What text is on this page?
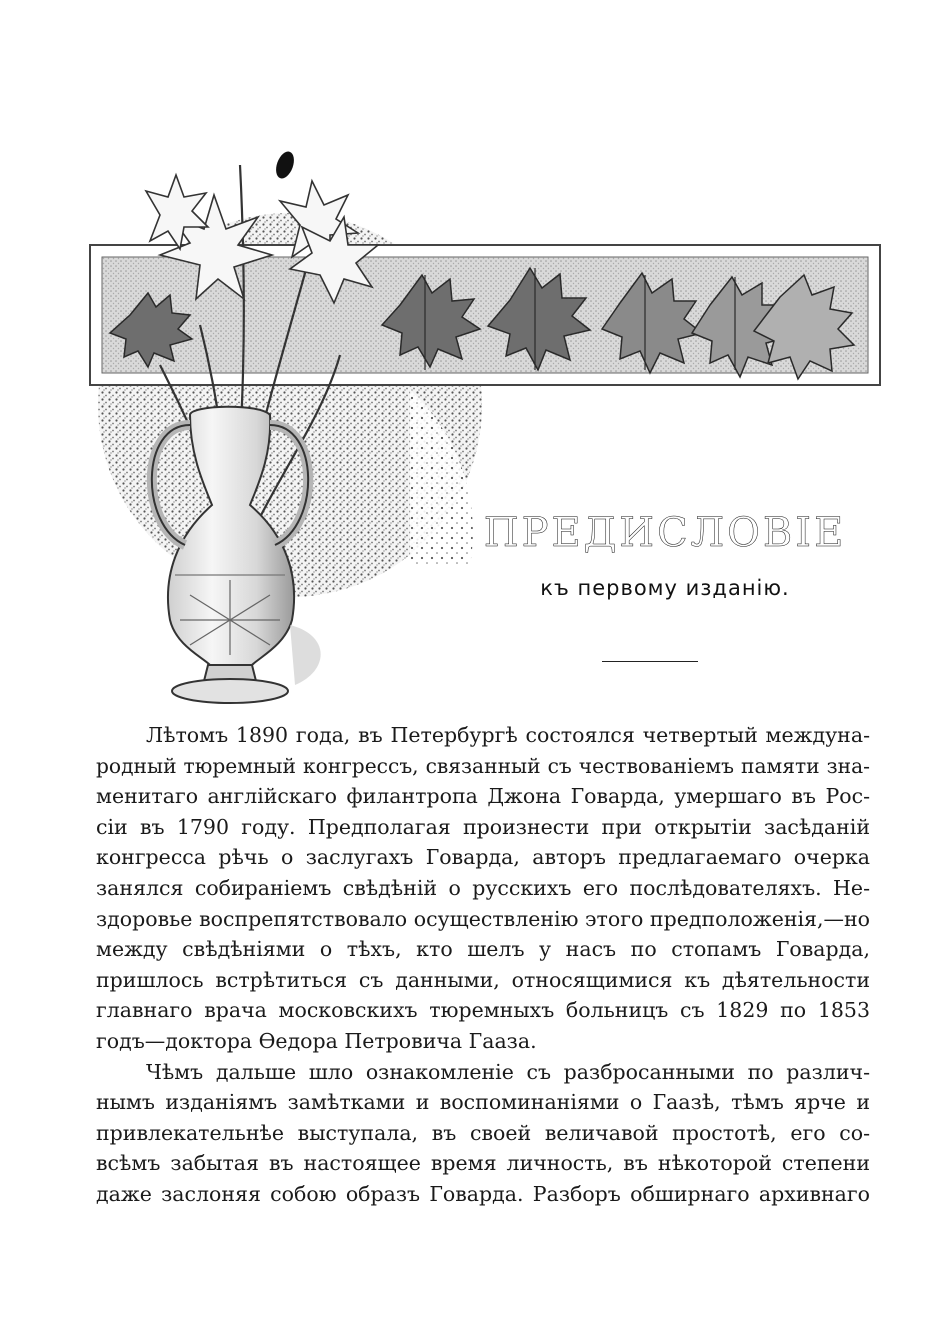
ПРЕДИСЛОВІЕ
къ первому изданію.
Лѣтомъ 1890 года, въ Петербургѣ состоялся четвертый междуна-
родный тюремный конгрессъ, связанный съ чествованіемъ памяти зна-
менитаго англійскаго филантропа Джона Говарда, умершаго въ Рос-
сіи въ 1790 году. Предполагая произнести при открытіи засѣданій
конгресса рѣчь о заслугахъ Говарда, авторъ предлагаемаго очерка
занялся собираніемъ свѣдѣній о русскихъ его послѣдователяхъ. Не-
здоровье воспрепятствовало осуществленію этого предположенія,—но
между свѣдѣніями о тѣхъ, кто шелъ у насъ по стопамъ Говарда,
пришлось встрѣтиться съ данными, относящимися къ дѣятельности
главнаго врача московскихъ тюремныхъ больницъ съ 1829 по 1853
годъ—доктора Ѳедора Петровича Гааза.
Чѣмъ дальше шло ознакомленіе съ разбросанными по различ-
нымъ изданіямъ замѣтками и воспоминаніями о Гаазѣ, тѣмъ ярче и
привлекательнѣе выступала, въ своей величавой простотѣ, его со-
всѣмъ забытая въ настоящее время личность, въ нѣкоторой степени
даже заслоняя собою образъ Говарда. Разборъ обширнаго архивнаго
